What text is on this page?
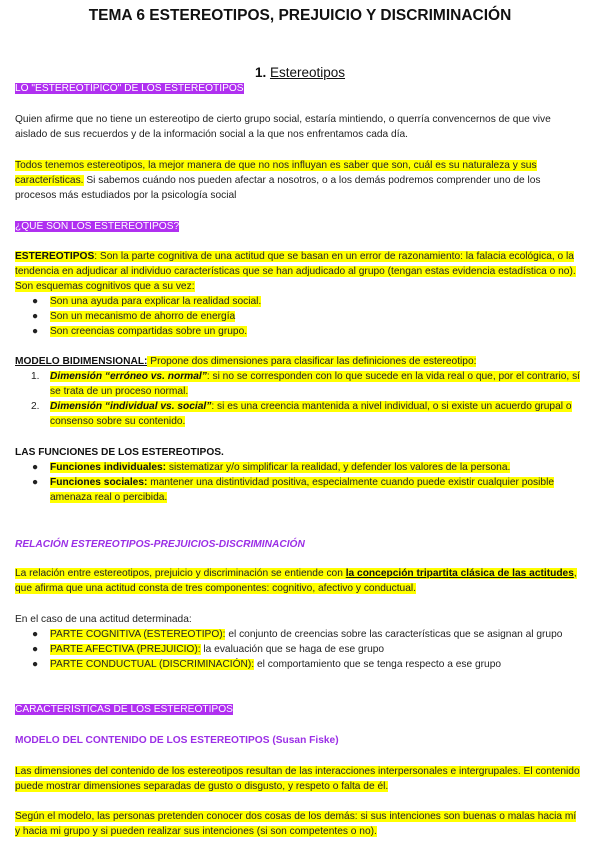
TEMA 6 ESTEREOTIPOS, PREJUICIO Y DISCRIMINACIÓN
1. Estereotipos
LO "ESTEREOTÍPICO" DE LOS ESTEREOTIPOS

Quien afirme que no tiene un estereotipo de cierto grupo social, estaría mintiendo, o querría convencernos de que vive aislado de sus recuerdos y de la información social a la que nos enfrentamos cada día.

Todos tenemos estereotipos, la mejor manera de que no nos influyan es saber que son, cuál es su naturaleza y sus características. Si sabemos cuándo nos pueden afectar a nosotros, o a los demás podremos comprender uno de los procesos más estudiados por la psicología social

¿QUÉ SON LOS ESTEREOTIPOS?

ESTEREOTIPOS: Son la parte cognitiva de una actitud que se basan en un error de razonamiento: la falacia ecológica, o la tendencia en adjudicar al individuo características que se han adjudicado al grupo (tengan estas evidencia estadística o no). Son esquemas cognitivos que a su vez:

● Son una ayuda para explicar la realidad social.
● Son un mecanismo de ahorro de energía
● Son creencias compartidas sobre un grupo.

MODELO BIDIMENSIONAL: Propone dos dimensiones para clasificar las definiciones de estereotipo:

1. Dimensión “erróneo vs. normal”: si no se corresponden con lo que sucede en la vida real o que, por el contrario, sí se trata de un proceso normal.
2. Dimensión “individual vs. social”: si es una creencia mantenida a nivel individual, o si existe un acuerdo grupal o consenso sobre su contenido.

LAS FUNCIONES DE LOS ESTEREOTIPOS.

● Funciones individuales: sistematizar y/o simplificar la realidad, y defender los valores de la persona.
● Funciones sociales: mantener una distintividad positiva, especialmente cuando puede existir cualquier posible amenaza real o percibida.

RELACIÓN ESTEREOTIPOS-PREJUICIOS-DISCRIMINACIÓN

La relación entre estereotipos, prejuicio y discriminación se entiende con la concepción tripartita clásica de las actitudes, que afirma que una actitud consta de tres componentes: cognitivo, afectivo y conductual.

En el caso de una actitud determinada:

● PARTE COGNITIVA (ESTEREOTIPO): el conjunto de creencias sobre las características que se asignan al grupo
● PARTE AFECTIVA (PREJUICIO): la evaluación que se haga de ese grupo
● PARTE CONDUCTUAL (DISCRIMINACIÓN): el comportamiento que se tenga respecto a ese grupo
CARACTERÍSTICAS DE LOS ESTEREOTIPOS

MODELO DEL CONTENIDO DE LOS ESTEREOTIPOS (Susan Fiske)

Las dimensiones del contenido de los estereotipos resultan de las interacciones interpersonales e intergrupales. El contenido puede mostrar dimensiones separadas de gusto o disgusto, y respeto o falta de él.

Según el modelo, las personas pretenden conocer dos cosas de los demás: si sus intenciones son buenas o malas hacia mí y hacia mi grupo y si pueden realizar sus intenciones (si son competentes o no).
